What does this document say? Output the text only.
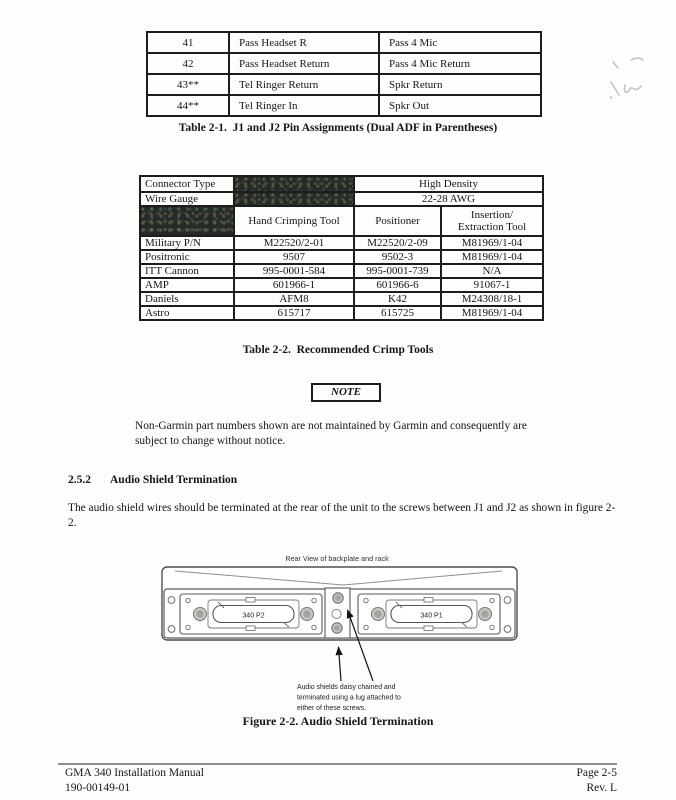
41	Pass Headset R	Pass 4 Mic
42	Pass Headset Return	Pass 4 Mic Return
43**	Tel Ringer Return	Spkr Return
44**	Tel Ringer In	Spkr Out
Table 2-1.  J1 and J2 Pin Assignments (Dual ADF in Parentheses)
Connector Type		High Density	
Wire Gauge		22-28 AWG	
	Hand Crimping Tool	Positioner	Insertion/
Extraction Tool
Military P/N	M22520/2-01	M22520/2-09	M81969/1-04
Positronic	9507	9502-3	M81969/1-04
ITT Cannon	995-0001-584	995-0001-739	N/A
AMP	601966-1	601966-6	91067-1
Daniels	AFM8	K42	M24308/18-1
Astro	615717	615725	M81969/1-04
Table 2-2.  Recommended Crimp Tools
NOTE
Non-Garmin part numbers shown are not maintained by Garmin and consequently are subject to change without notice.
2.5.2 Audio Shield Termination
The audio shield wires should be terminated at the rear of the unit to the screws between J1 and J2 as shown in figure 2-2.
Rear View of backplate and rack
340 P2	340 P1
Audio shields daisy chained and
terminated using a lug attached to
either of these screws.
Figure 2-2. Audio Shield Termination
GMA 340 Installation Manual
190-00149-01
Page 2-5
Rev. L
